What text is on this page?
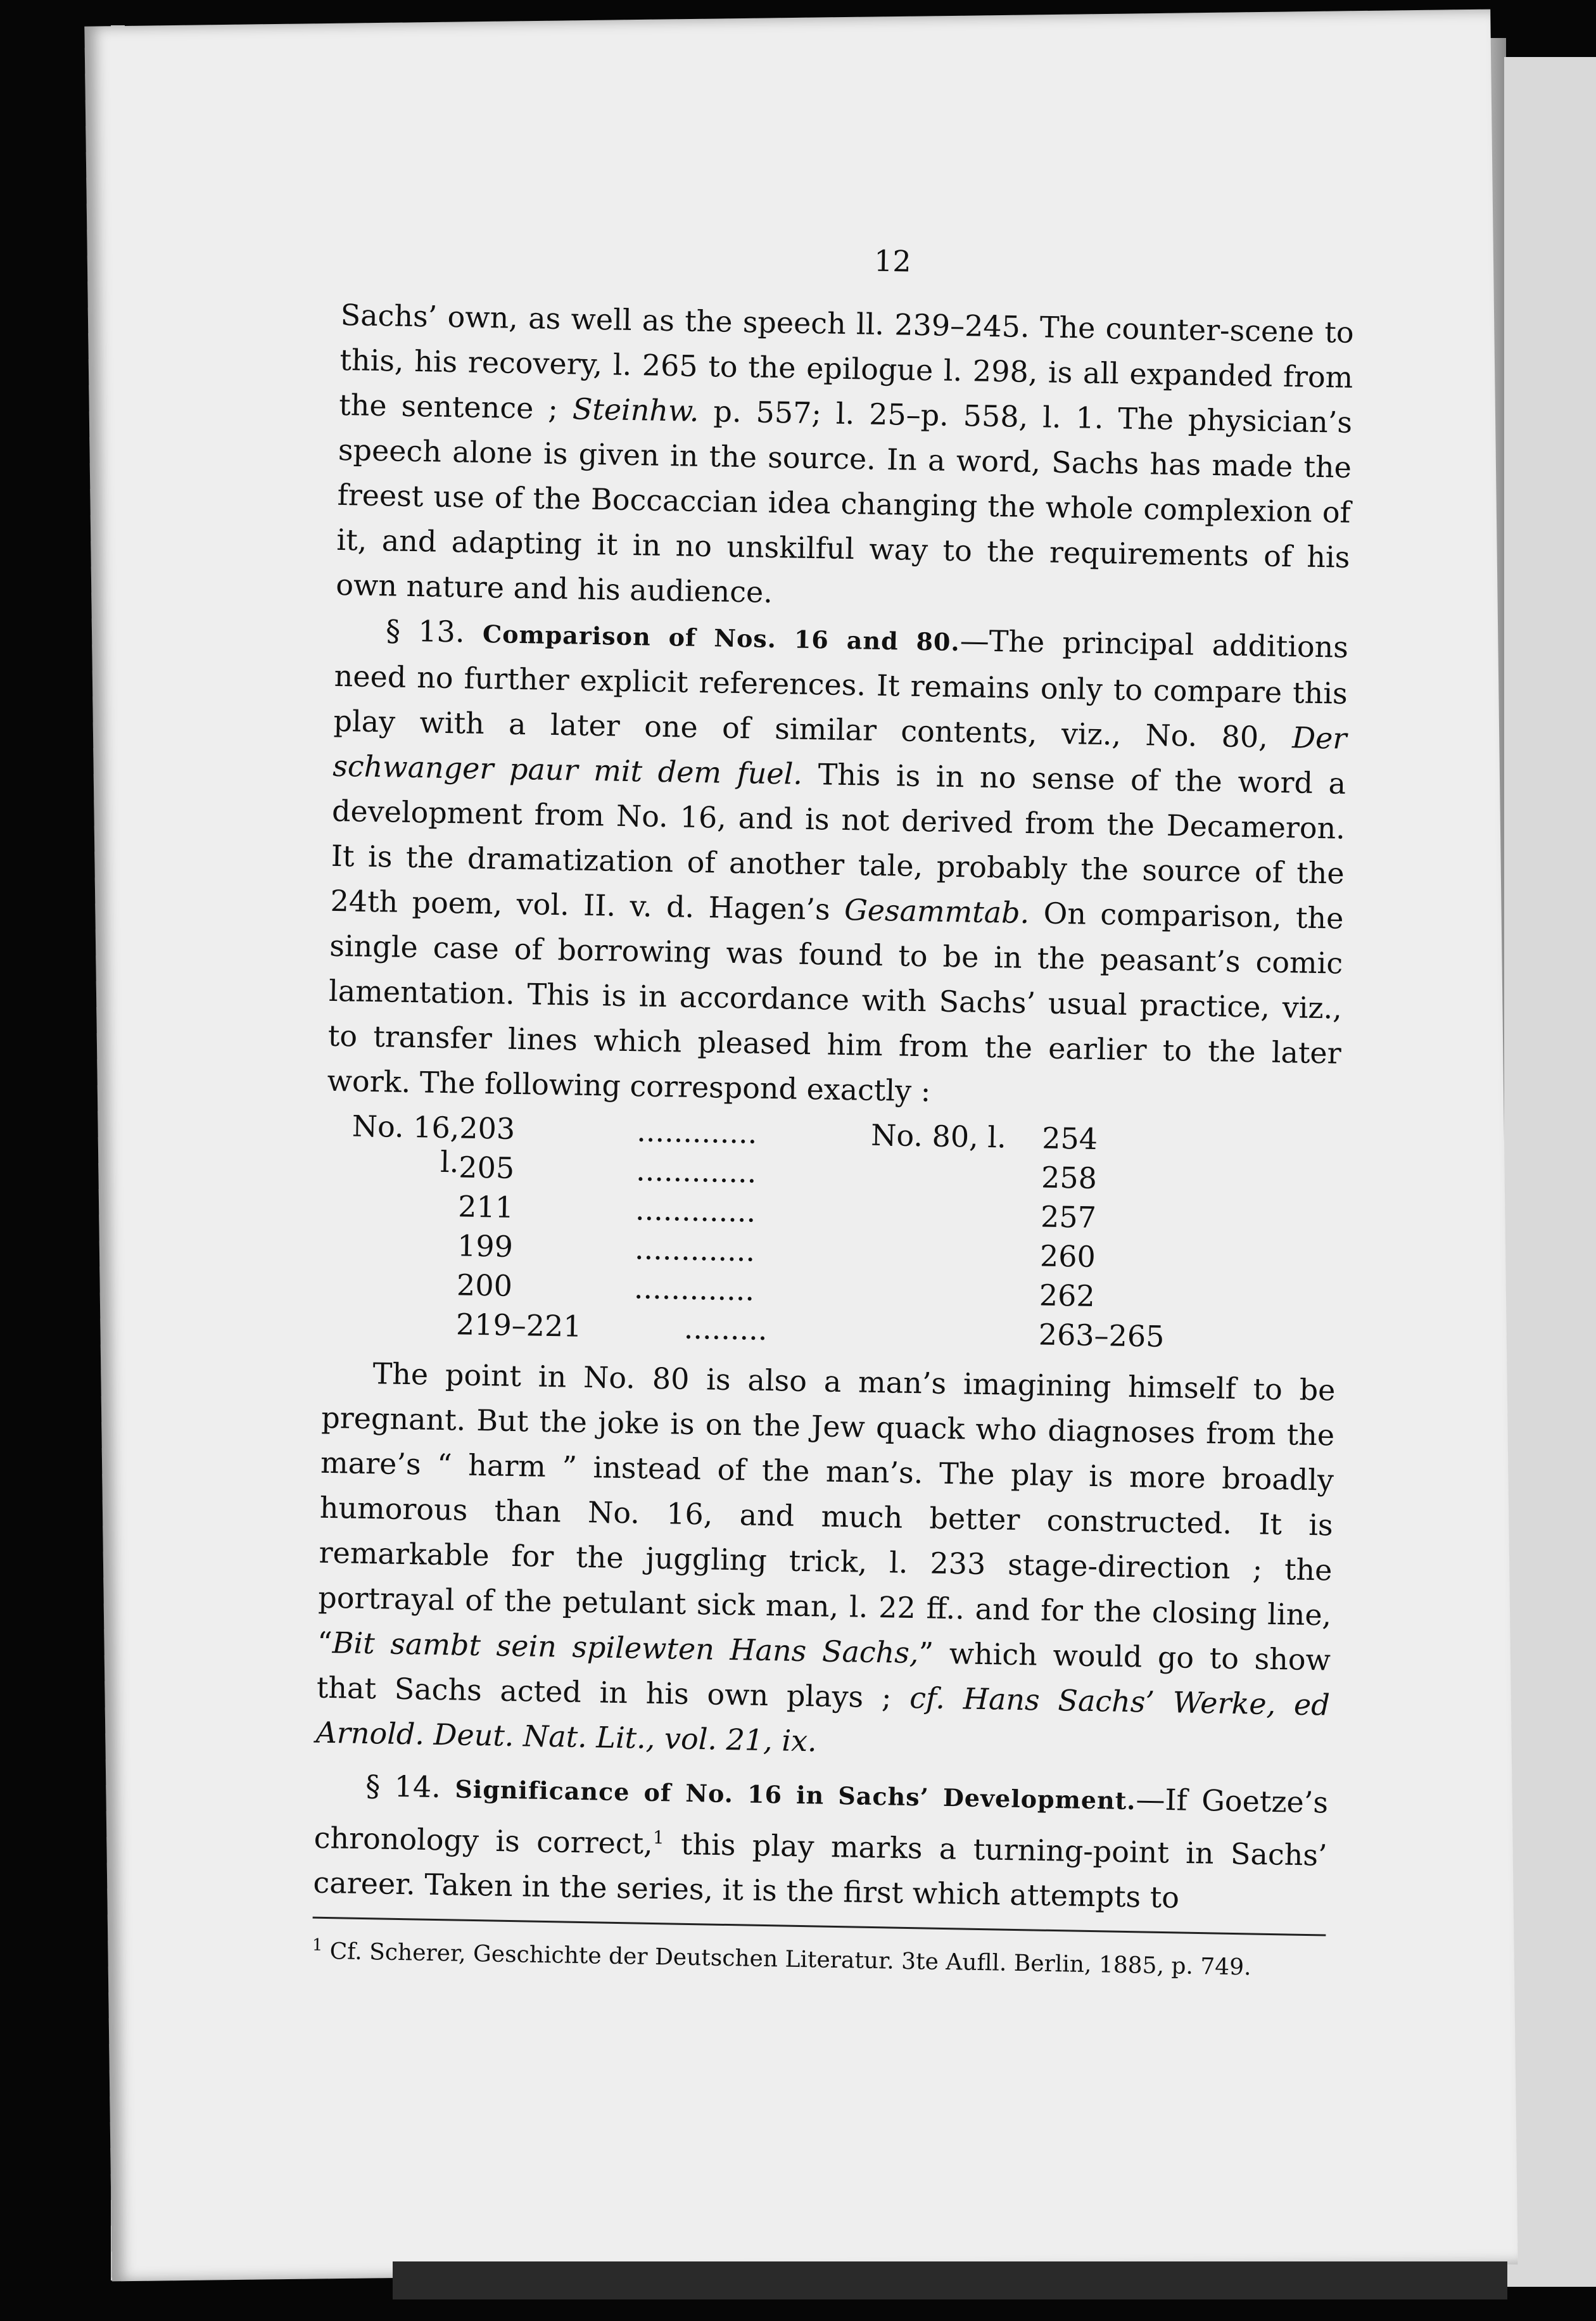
12

Sachs’ own, as well as the speech ll. 239–245. The counter-scene to this, his recovery, l. 265 to the epilogue l. 298, is all expanded from the sentence ; Steinhw. p. 557; l. 25–p. 558, l. 1. The physician’s speech alone is given in the source. In a word, Sachs has made the freest use of the Boccaccian idea changing the whole complexion of it, and adapting it in no unskilful way to the requirements of his own nature and his audience.

§ 13. Comparison of Nos. 16 and 80.—The principal additions need no further explicit references. It remains only to compare this play with a later one of similar contents, viz., No. 80, Der schwanger paur mit dem fuel. This is in no sense of the word a development from No. 16, and is not derived from the Decameron. It is the dramatization of another tale, probably the source of the 24th poem, vol. II. v. d. Hagen’s Gesammtab. On comparison, the single case of borrowing was found to be in the peasant’s comic lamentation. This is in accordance with Sachs’ usual practice, viz., to transfer lines which pleased him from the earlier to the later work. The following correspond exactly :

No. 16, l.
203	.............	No. 80, l. 254
205	.............	258
211	.............	257
199	.............	260
200	.............	262
219–221	.........	263–265

The point in No. 80 is also a man’s imagining himself to be pregnant. But the joke is on the Jew quack who diagnoses from the mare’s “ harm ” instead of the man’s. The play is more broadly humorous than No. 16, and much better constructed. It is remarkable for the juggling trick, l. 233 stage-direction ; the portrayal of the petulant sick man, l. 22 ff.. and for the closing line, “Bit sambt sein spilewten Hans Sachs,” which would go to show that Sachs acted in his own plays ; cf. Hans Sachs’ Werke, ed Arnold. Deut. Nat. Lit., vol. 21, ix.

§ 14. Significance of No. 16 in Sachs’ Development.—If Goetze’s chronology is correct,$^1$ this play marks a turning-point in Sachs’ career. Taken in the series, it is the first which attempts to

$^1$ Cf. Scherer, Geschichte der Deutschen Literatur. 3te Aufll. Berlin, 1885, p. 749.
